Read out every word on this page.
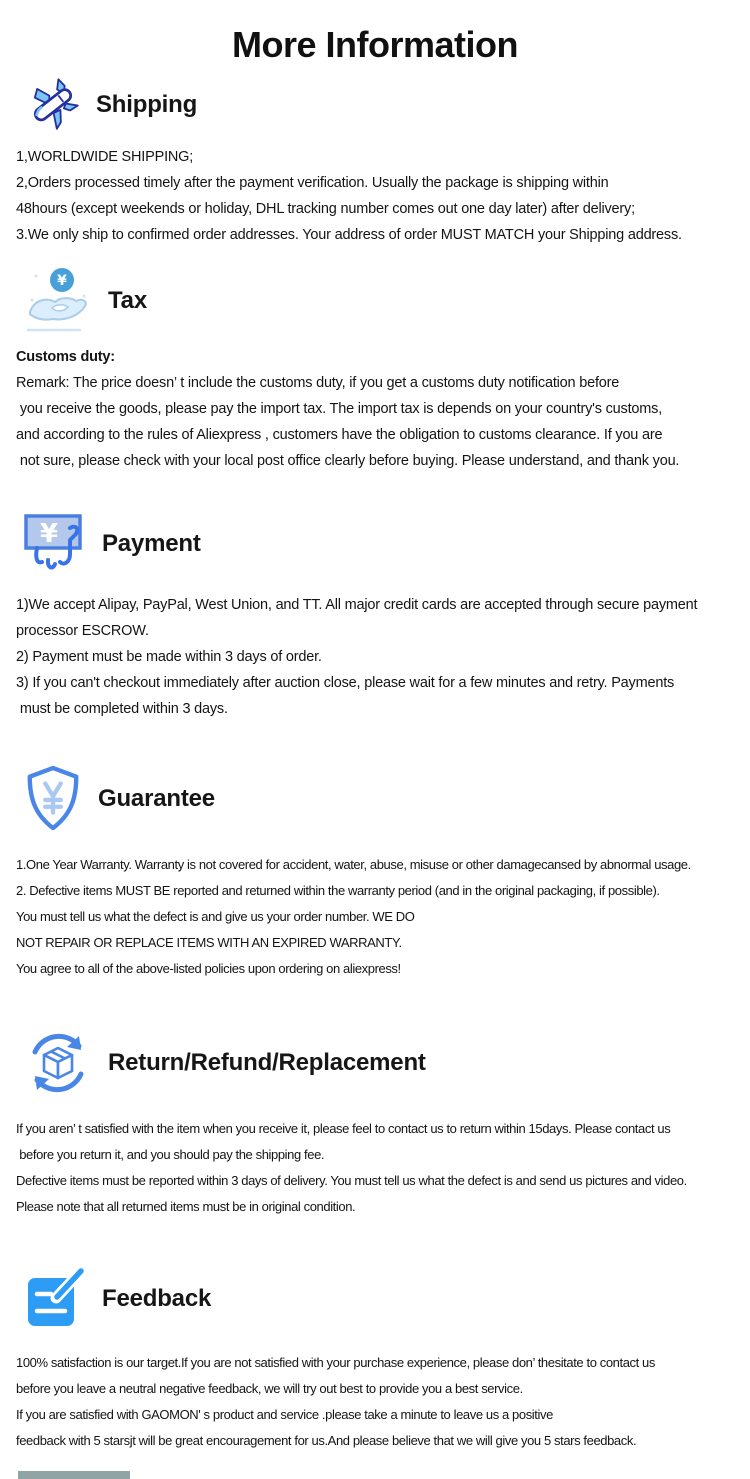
More Information
Shipping

1,WORLDWIDE SHIPPING;

2,Orders processed timely after the payment verification. Usually the package is shipping within

48hours (except weekends or holiday, DHL tracking number comes out one day later) after delivery;

3.We only ship to confirmed order addresses. Your address of order MUST MATCH your Shipping address.

¥
Tax

Customs duty:

Remark: The price doesn’ t include the customs duty, if you get a customs duty notification before

you receive the goods, please pay the import tax. The import tax is depends on your country's customs,

and according to the rules of Aliexpress , customers have the obligation to customs clearance. If you are

not sure, please check with your local post office clearly before buying. Please understand, and thank you.

¥ Payment

1)We accept Alipay, PayPal, West Union, and TT. All major credit cards are accepted through secure payment

processor ESCROW.

2) Payment must be made within 3 days of order.

3) If you can't checkout immediately after auction close, please wait for a few minutes and retry. Payments

must be completed within 3 days.

Guarantee

1.One Year Warranty. Warranty is not covered for accident, water, abuse, misuse or other damagecansed by abnormal usage.

2. Defective items MUST BE reported and returned within the warranty period (and in the original packaging, if possible).

You must tell us what the defect is and give us your order number. WE DO

NOT REPAIR OR REPLACE ITEMS WITH AN EXPIRED WARRANTY.

You agree to all of the above-listed policies upon ordering on aliexpress!

Return/Refund/Replacement

If you aren’ t satisfied with the item when you receive it, please feel to contact us to return within 15days. Please contact us

before you return it, and you should pay the shipping fee.

Defective items must be reported within 3 days of delivery. You must tell us what the defect is and send us pictures and video.

Please note that all returned items must be in original condition.

Feedback

100% satisfaction is our target.If you are not satisfied with your purchase experience, please don’ thesitate to contact us

before you leave a neutral negative feedback, we will try out best to provide you a best service.

If you are satisfied with GAOMON' s product and service .please take a minute to leave us a positive

feedback with 5 starsjt will be great encouragement for us.And please believe that we will give you 5 stars feedback.
